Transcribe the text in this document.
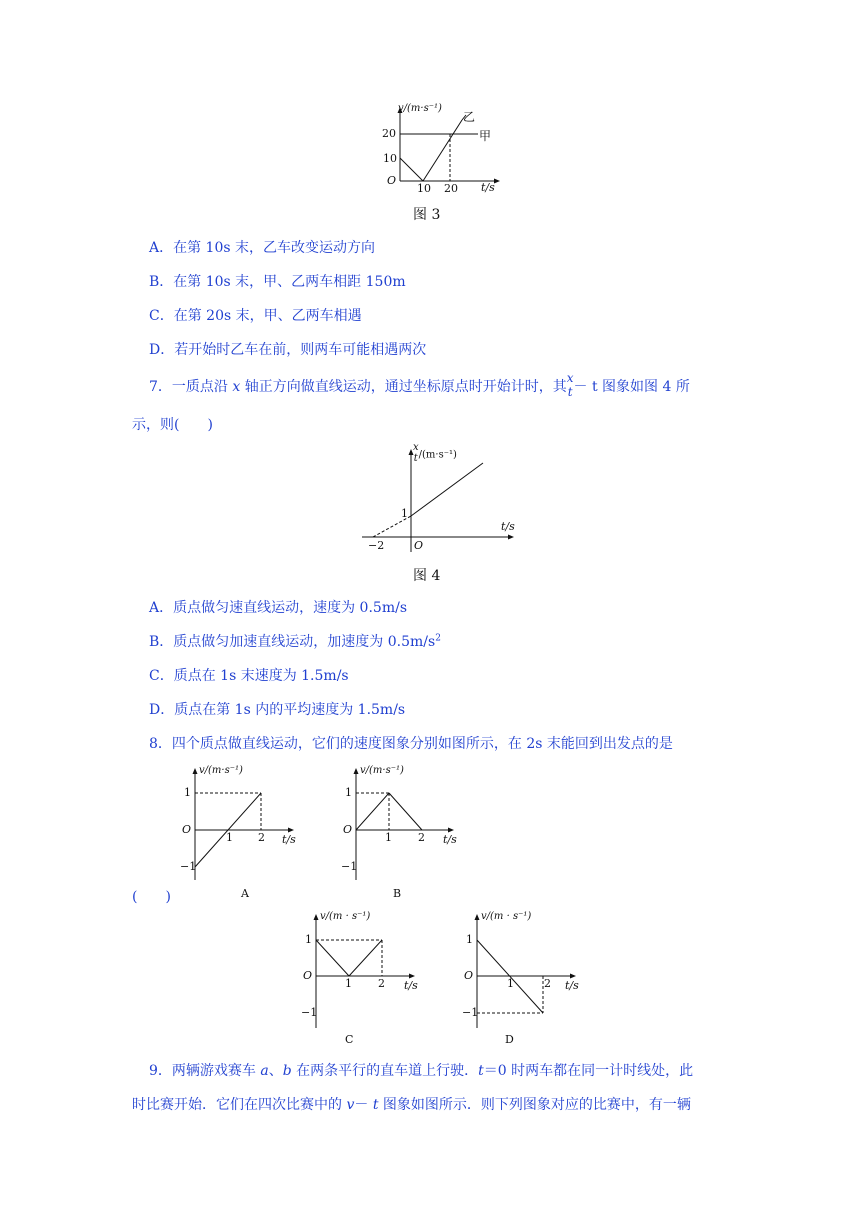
v/(m·s⁻¹)
20
10
O
10 20 t/s
甲
乙
图 3
A．在第 10s 末，乙车改变运动方向
B．在第 10s 末，甲、乙两车相距 150m
C．在第 20s 末，甲、乙两车相遇
D．若开始时乙车在前，则两车可能相遇两次
7．一质点沿 x 轴正方向做直线运动，通过坐标原点时开始计时，其
x
t － t 图象如图 4 所
示，则(　　)
x
t /(m·s⁻¹)
1
t/s
−2	O
图 4
A．质点做匀速直线运动，速度为 0.5m/s
B．质点做匀加速直线运动，加速度为 $0.5m/s^2$
C．质点在 1s 末速度为 1.5m/s
D．质点在第 1s 内的平均速度为 1.5m/s
8．四个质点做直线运动，它们的速度图象分别如图所示，在 2s 末能回到出发点的是
(　　)
v/(m·s⁻¹)
1
O
−1
1 2 t/s
A
v/(m·s⁻¹)
1
O
−1
1 2 t/s
B
v/(m · s⁻¹)
1
O
−1
1 2 t/s
C
v/(m · s⁻¹)
1
O
−1
1	2 t/s
D
9．两辆游戏赛车 a、b 在两条平行的直车道上行驶．t＝0 时两车都在同一计时线处，此
时比赛开始．它们在四次比赛中的 v－ t 图象如图所示．则下列图象对应的比赛中，有一辆
